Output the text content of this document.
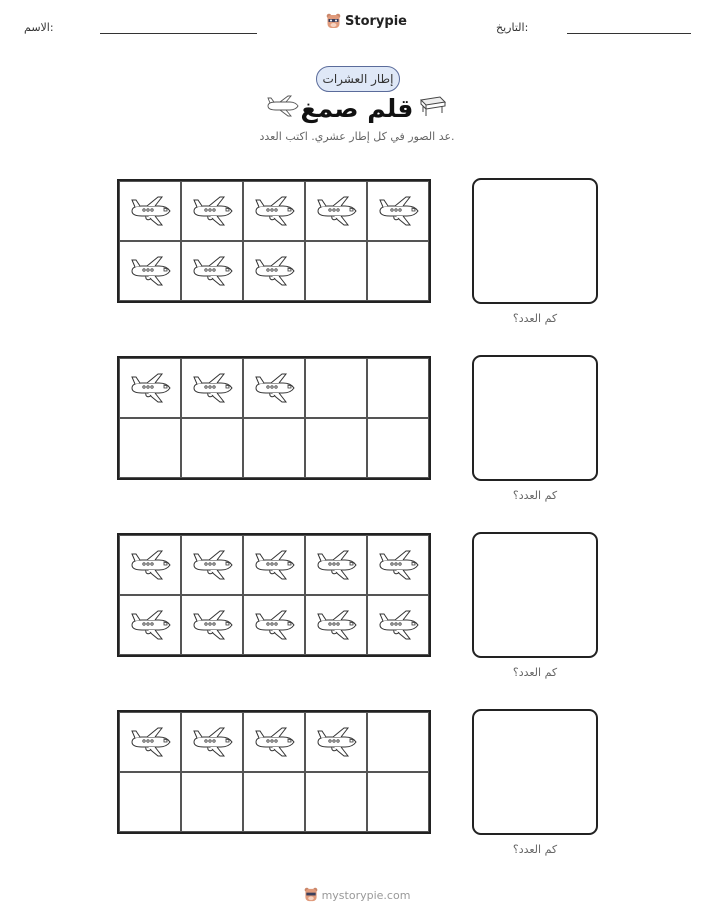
الاسم:	Storypie	التاريخ:
إطار العشرات
قلم صمغ
عد الصور في كل إطار عشري. اكتب العدد.
كم العدد؟
كم العدد؟
كم العدد؟
كم العدد؟
mystorypie.com
